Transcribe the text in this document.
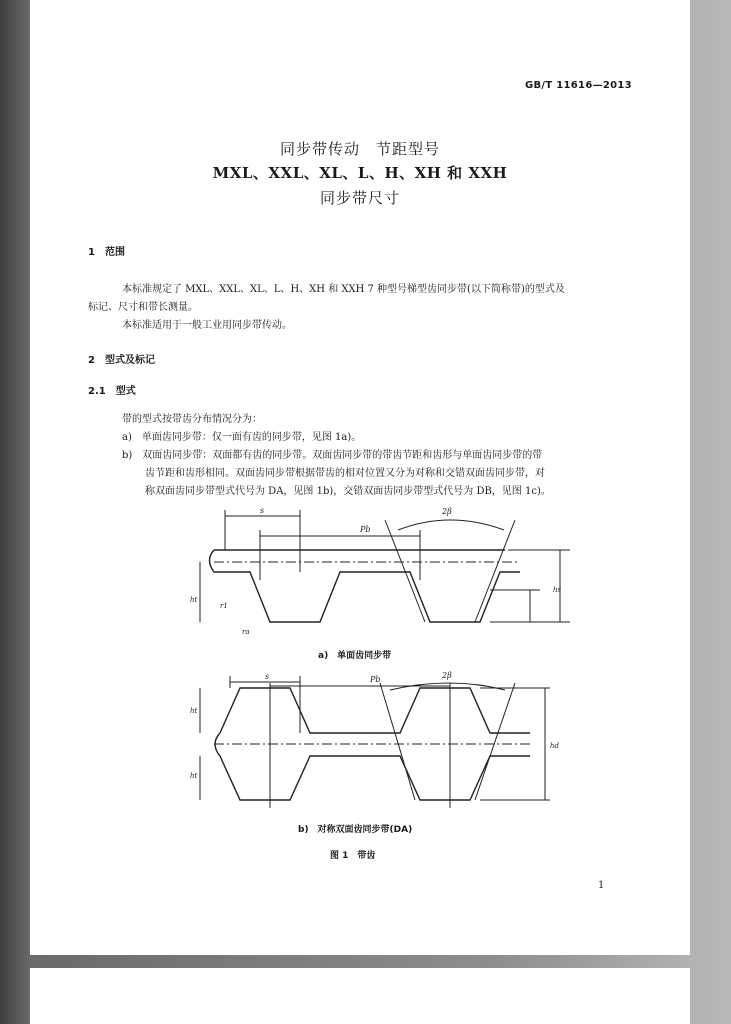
GB/T 11616—2013
同步带传动　节距型号
MXL、XXL、XL、L、H、XH 和 XXH
同步带尺寸
1　范围
本标准规定了 MXL、XXL、XL、L、H、XH 和 XXH 7 种型号梯型齿同步带(以下简称带)的型式及
标记、尺寸和带长测量。
本标准适用于一般工业用同步带传动。
2　型式及标记
2.1　型式
带的型式按带齿分布情况分为：
a)　单面齿同步带：仅一面有齿的同步带，见图 1a)。
b)　双面齿同步带：双面都有齿的同步带。双面齿同步带的带齿节距和齿形与单面齿同步带的带
齿节距和齿形相同。双面齿同步带根据带齿的相对位置又分为对称和交错双面齿同步带，对
称双面齿同步带型式代号为 DA，见图 1b)，交错双面齿同步带型式代号为 DB，见图 1c)。
s
Pb
2β
ht
hs
r1
ra
a)　单面齿同步带
s	Pb	2β
ht
ht
hd
b)　对称双面齿同步带(DA)
图 1　带齿
1
